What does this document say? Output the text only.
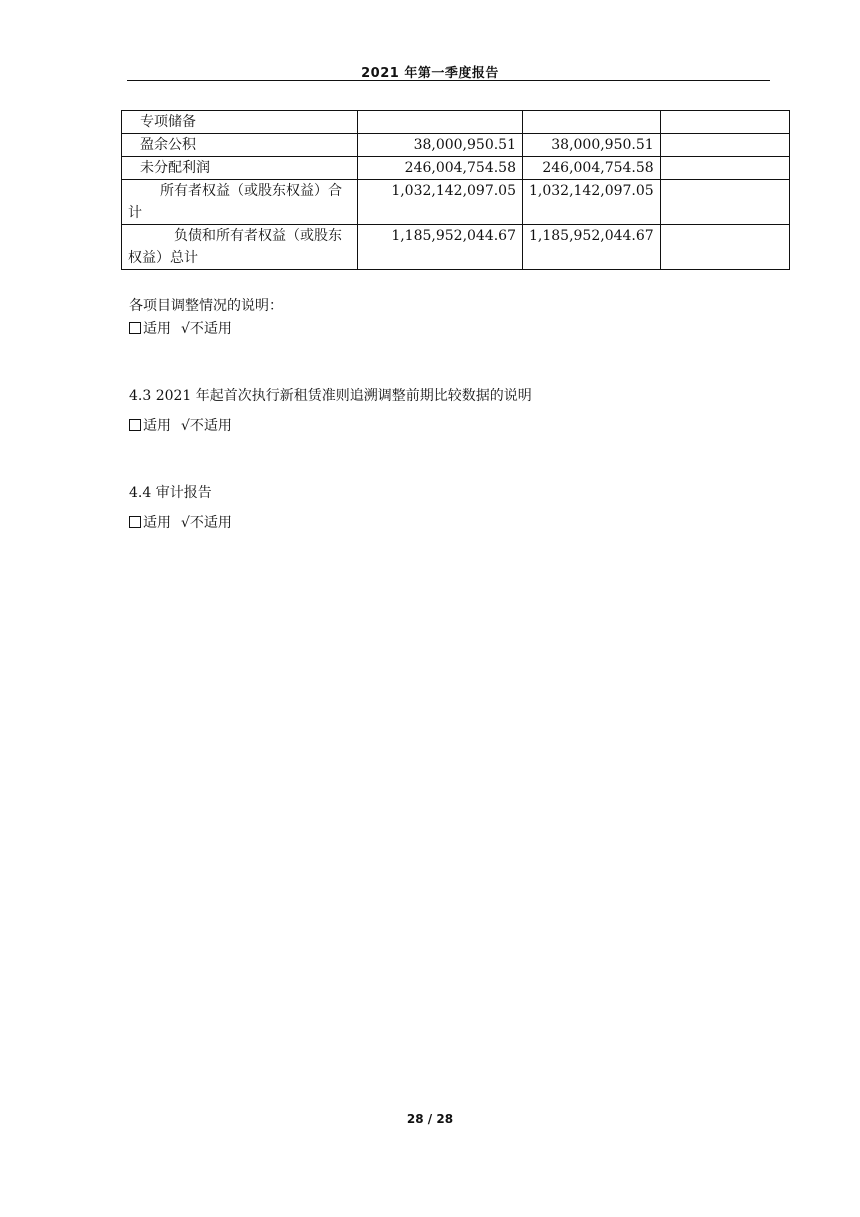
2021 年第一季度报告
专项储备			
盈余公积	38,000,950.51	38,000,950.51	
未分配利润	246,004,754.58	246,004,754.58	
所有者权益（或股东权益）合计	1,032,142,097.05	1,032,142,097.05	
负债和所有者权益（或股东权益）总计	1,185,952,044.67	1,185,952,044.67	
各项目调整情况的说明：
适用 √不适用
4.3 2021 年起首次执行新租赁准则追溯调整前期比较数据的说明
适用 √不适用
4.4 审计报告
适用 √不适用
28 / 28
